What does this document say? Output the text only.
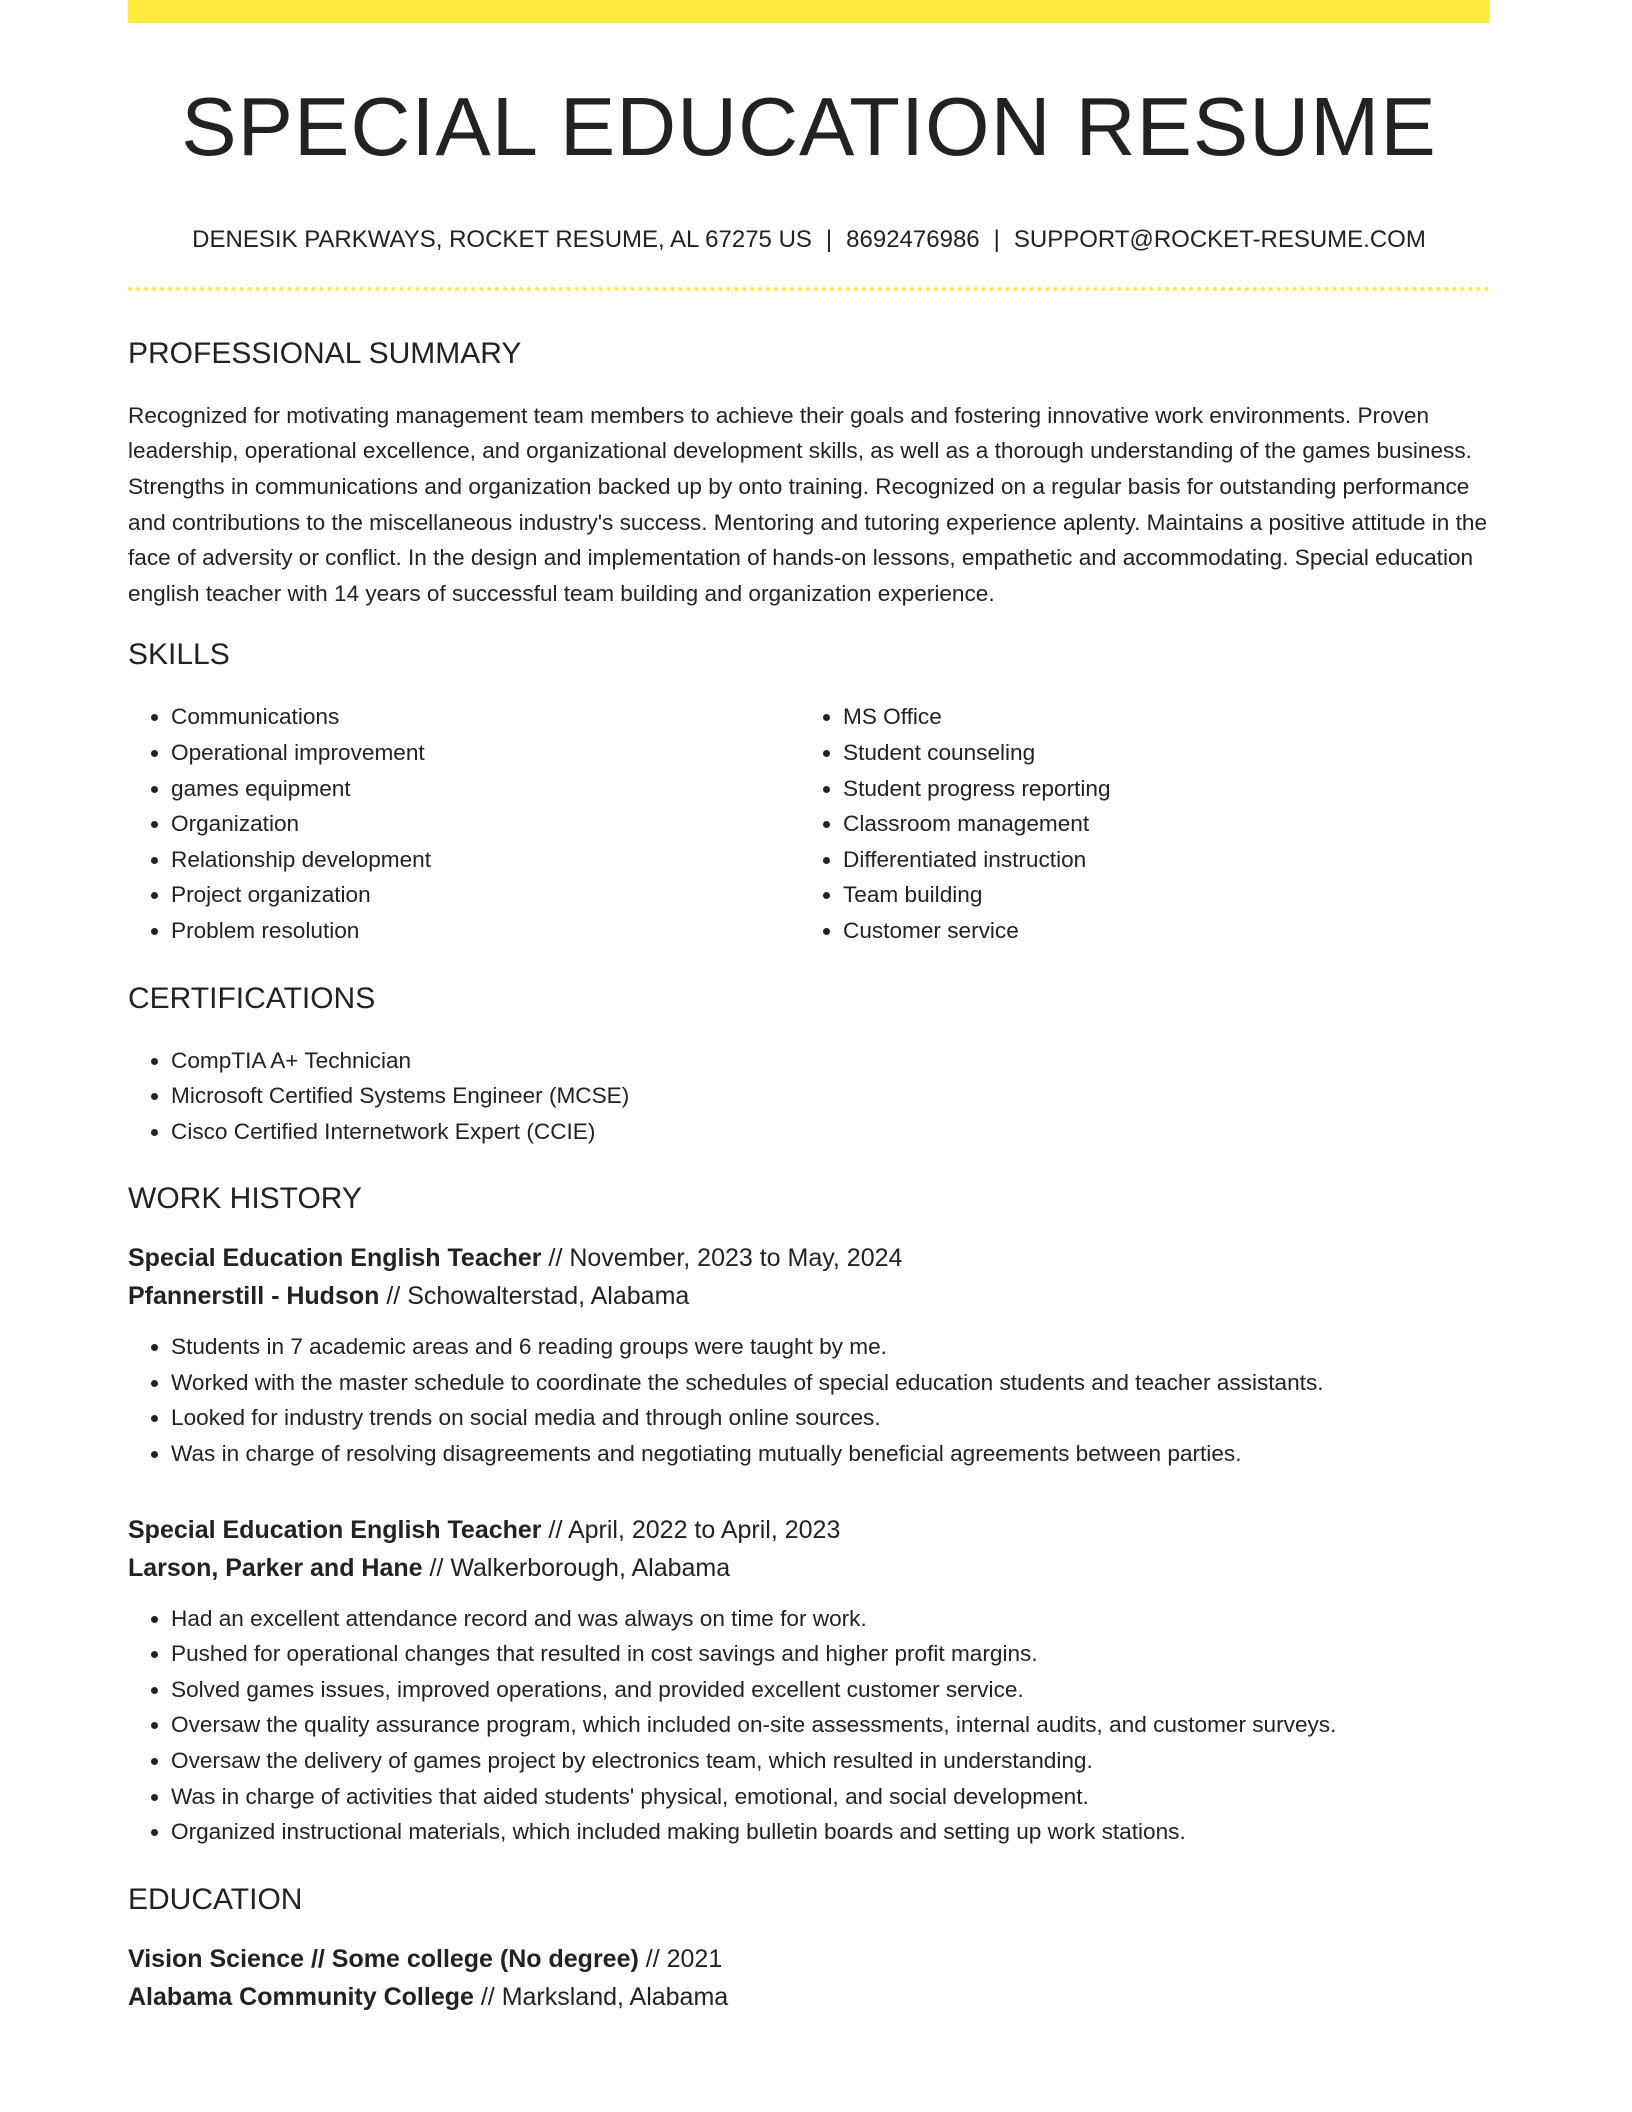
SPECIAL EDUCATION RESUME
DENESIK PARKWAYS, ROCKET RESUME, AL 67275 US | 8692476986 | SUPPORT@ROCKET-RESUME.COM
PROFESSIONAL SUMMARY

Recognized for motivating management team members to achieve their goals and fostering innovative work environments. Proven leadership, operational excellence, and organizational development skills, as well as a thorough understanding of the games business. Strengths in communications and organization backed up by onto training. Recognized on a regular basis for outstanding performance and contributions to the miscellaneous industry's success. Mentoring and tutoring experience aplenty. Maintains a positive attitude in the face of adversity or conflict. In the design and implementation of hands-on lessons, empathetic and accommodating. Special education english teacher with 14 years of successful team building and organization experience.

SKILLS
• Communications
• Operational improvement
• games equipment
• Organization
• Relationship development
• Project organization
• Problem resolution
• MS Office
• Student counseling
• Student progress reporting
• Classroom management
• Differentiated instruction
• Team building
• Customer service
CERTIFICATIONS
• CompTIA A+ Technician
• Microsoft Certified Systems Engineer (MCSE)
• Cisco Certified Internetwork Expert (CCIE)
WORK HISTORY
Special Education English Teacher // November, 2023 to May, 2024
Pfannerstill - Hudson // Schowalterstad, Alabama
• Students in 7 academic areas and 6 reading groups were taught by me.
• Worked with the master schedule to coordinate the schedules of special education students and teacher assistants.
• Looked for industry trends on social media and through online sources.
• Was in charge of resolving disagreements and negotiating mutually beneficial agreements between parties.
Special Education English Teacher // April, 2022 to April, 2023
Larson, Parker and Hane // Walkerborough, Alabama
• Had an excellent attendance record and was always on time for work.
• Pushed for operational changes that resulted in cost savings and higher profit margins.
• Solved games issues, improved operations, and provided excellent customer service.
• Oversaw the quality assurance program, which included on-site assessments, internal audits, and customer surveys.
• Oversaw the delivery of games project by electronics team, which resulted in understanding.
• Was in charge of activities that aided students' physical, emotional, and social development.
• Organized instructional materials, which included making bulletin boards and setting up work stations.
EDUCATION
Vision Science // Some college (No degree) // 2021
Alabama Community College // Marksland, Alabama
